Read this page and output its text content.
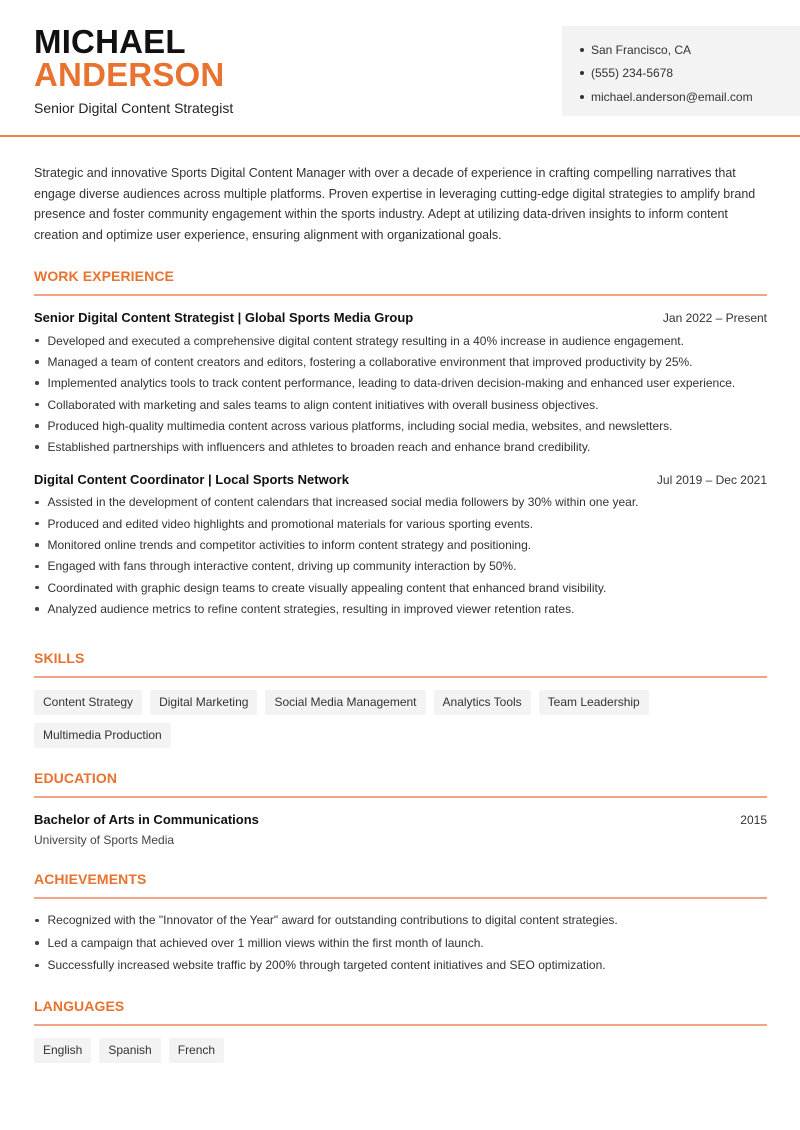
MICHAEL
ANDERSON
Senior Digital Content Strategist
San Francisco, CA
(555) 234-5678
michael.anderson@email.com

Strategic and innovative Sports Digital Content Manager with over a decade of experience in crafting compelling narratives that engage diverse audiences across multiple platforms. Proven expertise in leveraging cutting-edge digital strategies to amplify brand presence and foster community engagement within the sports industry. Adept at utilizing data-driven insights to inform content creation and optimize user experience, ensuring alignment with organizational goals.

WORK EXPERIENCE
Senior Digital Content Strategist | Global Sports Media Group	Jan 2022 – Present
Developed and executed a comprehensive digital content strategy resulting in a 40% increase in audience engagement.
Managed a team of content creators and editors, fostering a collaborative environment that improved productivity by 25%.
Implemented analytics tools to track content performance, leading to data-driven decision-making and enhanced user experience.
Collaborated with marketing and sales teams to align content initiatives with overall business objectives.
Produced high-quality multimedia content across various platforms, including social media, websites, and newsletters.
Established partnerships with influencers and athletes to broaden reach and enhance brand credibility.
Digital Content Coordinator | Local Sports Network	Jul 2019 – Dec 2021
Assisted in the development of content calendars that increased social media followers by 30% within one year.
Produced and edited video highlights and promotional materials for various sporting events.
Monitored online trends and competitor activities to inform content strategy and positioning.
Engaged with fans through interactive content, driving up community interaction by 50%.
Coordinated with graphic design teams to create visually appealing content that enhanced brand visibility.
Analyzed audience metrics to refine content strategies, resulting in improved viewer retention rates.
SKILLS
Content Strategy	Digital Marketing	Social Media Management	Analytics Tools	Team Leadership
Multimedia Production
EDUCATION
Bachelor of Arts in Communications	2015
University of Sports Media
ACHIEVEMENTS
Recognized with the "Innovator of the Year" award for outstanding contributions to digital content strategies.
Led a campaign that achieved over 1 million views within the first month of launch.
Successfully increased website traffic by 200% through targeted content initiatives and SEO optimization.
LANGUAGES
English	Spanish	French
